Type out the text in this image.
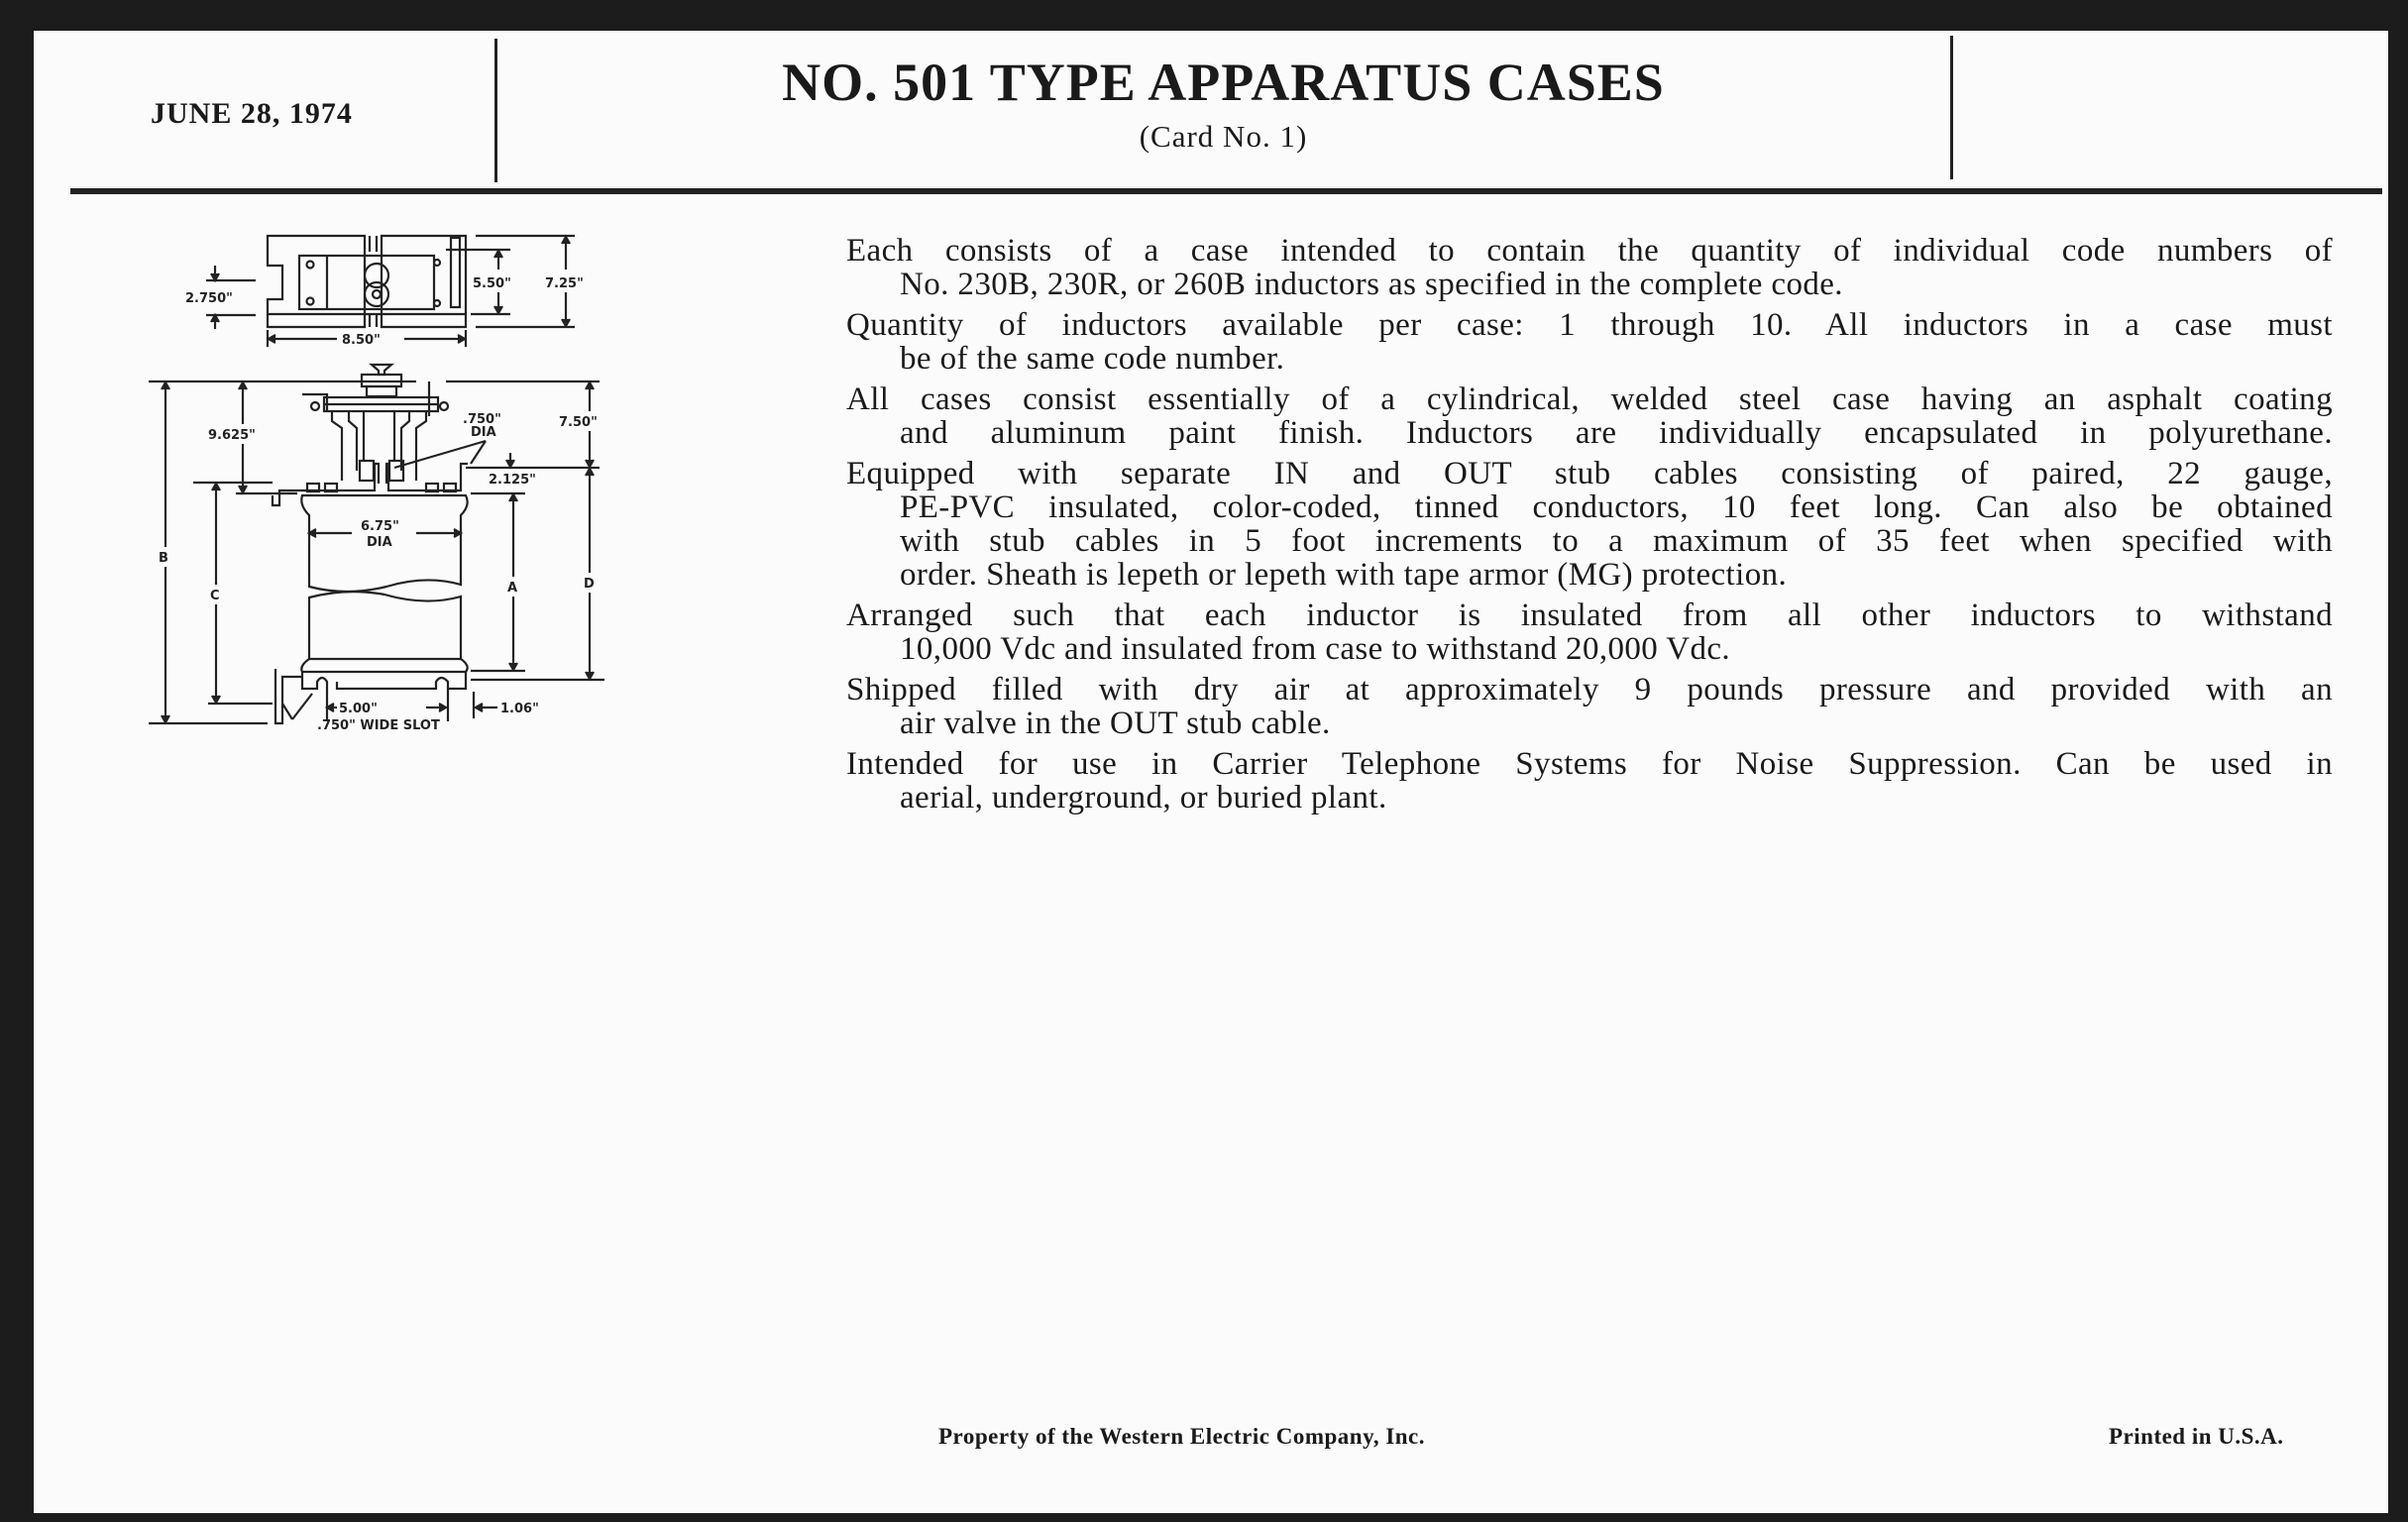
JUNE 28, 1974
NO. 501 TYPE APPARATUS CASES
(Card No. 1)
2.750"
5.50"	7.25"
8.50"
B
9.625"
C
.750"
DIA
7.50"
2.125"
6.75"
DIA
A	D
5.00"	1.06"
.750" WIDE SLOT
Each consists of a case intended to contain the quantity of individual code numbers of
No. 230B, 230R, or 260B inductors as specified in the complete code.
Quantity of inductors available per case: 1 through 10. All inductors in a case must
be of the same code number.
All cases consist essentially of a cylindrical, welded steel case having an asphalt coating
and aluminum paint finish. Inductors are individually encapsulated in polyurethane.
Equipped with separate IN and OUT stub cables consisting of paired, 22 gauge,
PE-PVC insulated, color-coded, tinned conductors, 10 feet long. Can also be obtained
with stub cables in 5 foot increments to a maximum of 35 feet when specified with
order. Sheath is lepeth or lepeth with tape armor (MG) protection.
Arranged such that each inductor is insulated from all other inductors to withstand
10,000 Vdc and insulated from case to withstand 20,000 Vdc.
Shipped filled with dry air at approximately 9 pounds pressure and provided with an
air valve in the OUT stub cable.
Intended for use in Carrier Telephone Systems for Noise Suppression. Can be used in
aerial, underground, or buried plant.
Property of the Western Electric Company, Inc.	Printed in U.S.A.
